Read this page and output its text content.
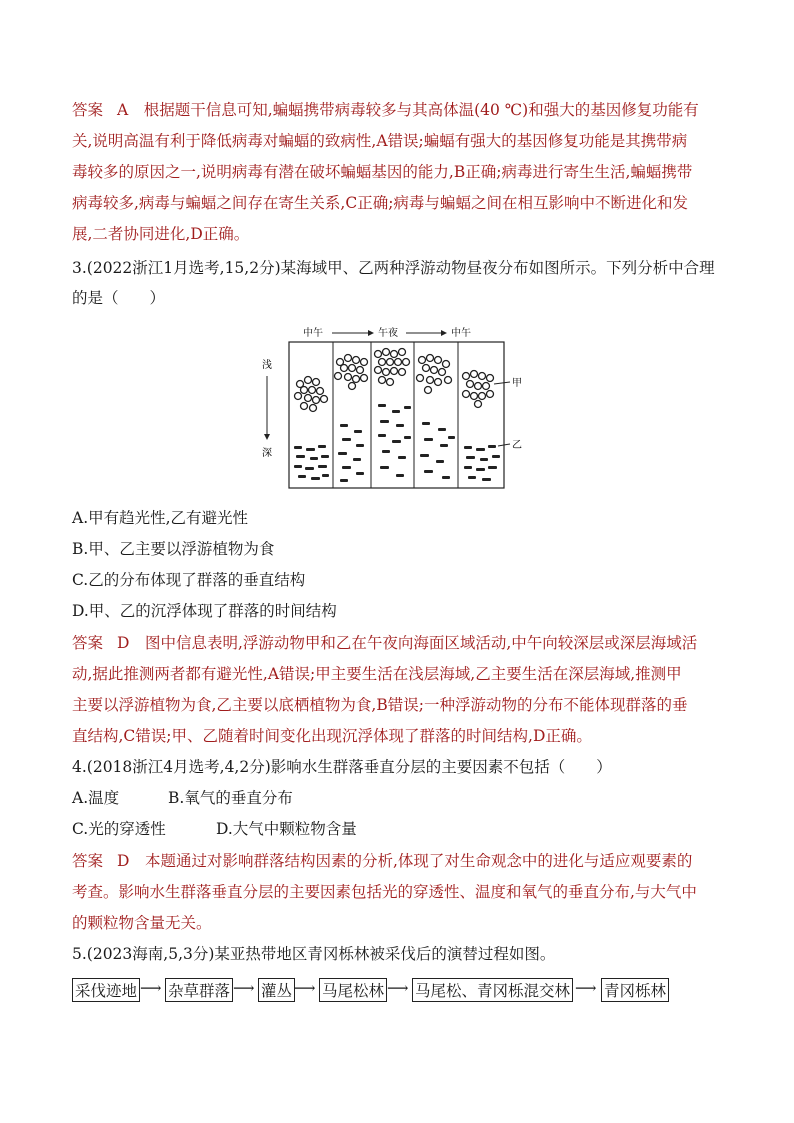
答案 A　根据题干信息可知,蝙蝠携带病毒较多与其高体温(40 ℃)和强大的基因修复功能有
关,说明高温有利于降低病毒对蝙蝠的致病性,A错误;蝙蝠有强大的基因修复功能是其携带病
毒较多的原因之一,说明病毒有潜在破坏蝙蝠基因的能力,B正确;病毒进行寄生生活,蝙蝠携带
病毒较多,病毒与蝙蝠之间存在寄生关系,C正确;病毒与蝙蝠之间在相互影响中不断进化和发
展,二者协同进化,D正确。
3.(2022浙江1月选考,15,2分)某海域甲、乙两种浮游动物昼夜分布如图所示。下列分析中合理
的是（　　）
中午	午夜	中午
浅
深
甲
乙
A.甲有趋光性,乙有避光性
B.甲、乙主要以浮游植物为食
C.乙的分布体现了群落的垂直结构
D.甲、乙的沉浮体现了群落的时间结构
答案 D　图中信息表明,浮游动物甲和乙在午夜向海面区域活动,中午向较深层或深层海域活
动,据此推测两者都有避光性,A错误;甲主要生活在浅层海域,乙主要生活在深层海域,推测甲
主要以浮游植物为食,乙主要以底栖植物为食,B错误;一种浮游动物的分布不能体现群落的垂
直结构,C错误;甲、乙随着时间变化出现沉浮体现了群落的时间结构,D正确。
4.(2018浙江4月选考,4,2分)影响水生群落垂直分层的主要因素不包括（　　）
A.温度	B.氧气的垂直分布
C.光的穿透性	D.大气中颗粒物含量
答案 D　本题通过对影响群落结构因素的分析,体现了对生命观念中的进化与适应观要素的
考查。影响水生群落垂直分层的主要因素包括光的穿透性、温度和氧气的垂直分布,与大气中
的颗粒物含量无关。
5.(2023海南,5,3分)某亚热带地区青冈栎林被采伐后的演替过程如图。
采伐迹地 ⟶ 杂草群落 ⟶ 灌丛 ⟶ 马尾松林 ⟶ 马尾松、青冈栎混交林 ⟶ 青冈栎林
